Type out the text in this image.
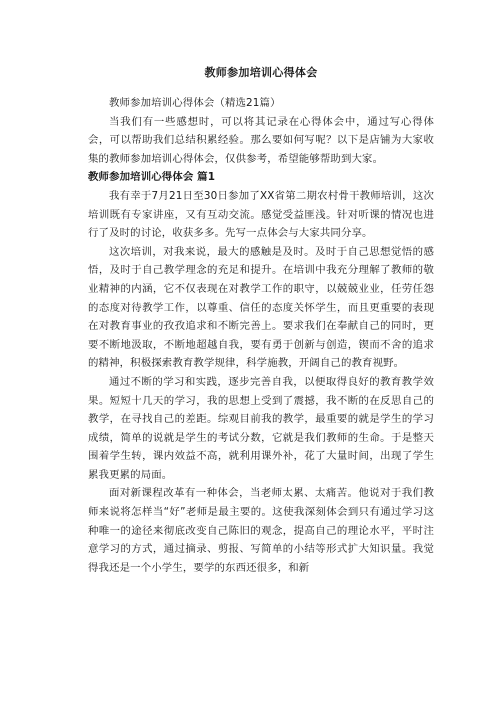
教师参加培训心得体会

教师参加培训心得体会（精选21篇）

当我们有一些感想时，可以将其记录在心得体会中，通过写心得体会，可以帮助我们总结积累经验。那么要如何写呢？以下是店铺为大家收集的教师参加培训心得体会，仅供参考，希望能够帮助到大家。

教师参加培训心得体会 篇1

我有幸于7月21日至30日参加了XX省第二期农村骨干教师培训，这次培训既有专家讲座，又有互动交流。感觉受益匪浅。针对听课的情况也进行了及时的讨论，收获多多。先写一点体会与大家共同分享。

这次培训，对我来说，最大的感触是及时。及时于自己思想觉悟的感悟，及时于自己教学理念的充足和提升。在培训中我充分理解了教师的敬业精神的内涵，它不仅表现在对教学工作的职守，以兢兢业业，任劳任怨的态度对待教学工作，以尊重、信任的态度关怀学生，而且更重要的表现在对教育事业的孜孜追求和不断完善上。要求我们在奉献自己的同时，更要不断地汲取，不断地超越自我，要有勇于创新与创造，锲而不舍的追求的精神，积极探索教育教学规律，科学施教，开阔自己的教育视野。

通过不断的学习和实践，逐步完善自我，以便取得良好的教育教学效果。短短十几天的学习，我的思想上受到了震撼，我不断的在反思自己的教学，在寻找自己的差距。综观目前我的教学，最重要的就是学生的学习成绩，简单的说就是学生的考试分数，它就是我们教师的生命。于是整天围着学生转，课内效益不高，就利用课外补，花了大量时间，出现了学生累我更累的局面。

面对新课程改革有一种体会，当老师太累、太痛苦。他说对于我们教师来说将怎样当“好”老师是最主要的。这使我深刻体会到只有通过学习这种唯一的途径来彻底改变自己陈旧的观念，提高自己的理论水平，平时注意学习的方式，通过摘录、剪报、写简单的小结等形式扩大知识量。我觉得我还是一个小学生，要学的东西还很多，和新
